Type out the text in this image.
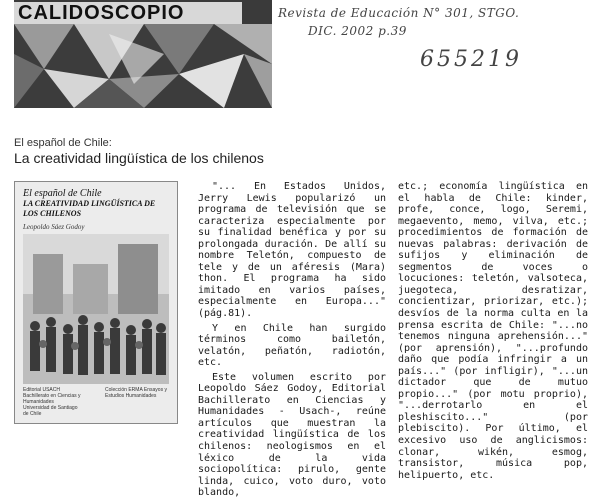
CALIDOSCOPIO	Revista de Educación N° 301, STGO.
DIC. 2002 p.39
655219
El español de Chile:
La creatividad lingüística de los chilenos
El español de Chile
LA CREATIVIDAD LINGÜÍSTICA DE LOS CHILENOS
Leopoldo Sáez Godoy
Editorial USACH Bachillerato en Ciencias y Humanidades Universidad de Santiago de Chile
Colección ERMA Ensayos y Estudios Humanidades

"... En Estados Unidos, Jerry Lewis popularizó un programa de televisión que se caracteriza especialmente por su finalidad benéfica y por su prolongada duración. De allí su nombre Teletón, compuesto de tele y de un aféresis (Mara) thon. El programa ha sido imitado en varios países, especialmente en Europa..." (pág.81).

Y en Chile han surgido términos como bailetón, velatón, peñatón, radiotón, etc.

Este volumen escrito por Leopoldo Sáez Godoy, Editorial Bachillerato en Ciencias y Humanidades - Usach-, reúne artículos que muestran la creatividad lingüística de los chilenos: neologismos en el léxico de la vida sociopolítica: pirulo, gente linda, cuico, voto duro, voto blando,

etc.; economía lingüística en el habla de Chile: kinder, profe, conce, logo, Seremi, megaevento, memo, vilva, etc.; procedimientos de formación de nuevas palabras: derivación de sufijos y eliminación de segmentos de voces o locuciones: teletón, valsoteca, juegoteca, desratizar, concientizar, priorizar, etc.); desvíos de la norma culta en la prensa escrita de Chile: "...no tenemos ninguna aprehensión..." (por aprensión), "...profundo daño que podía infringir a un país..." (por infligir), "...un dictador que de mutuo propio..." (por motu proprio), "...derrotarlo en el pleshiscito..." (por plebiscito). Por último, el excesivo uso de anglicismos: clonar, wikén, esmog, transistor, música pop, helipuerto, etc.
